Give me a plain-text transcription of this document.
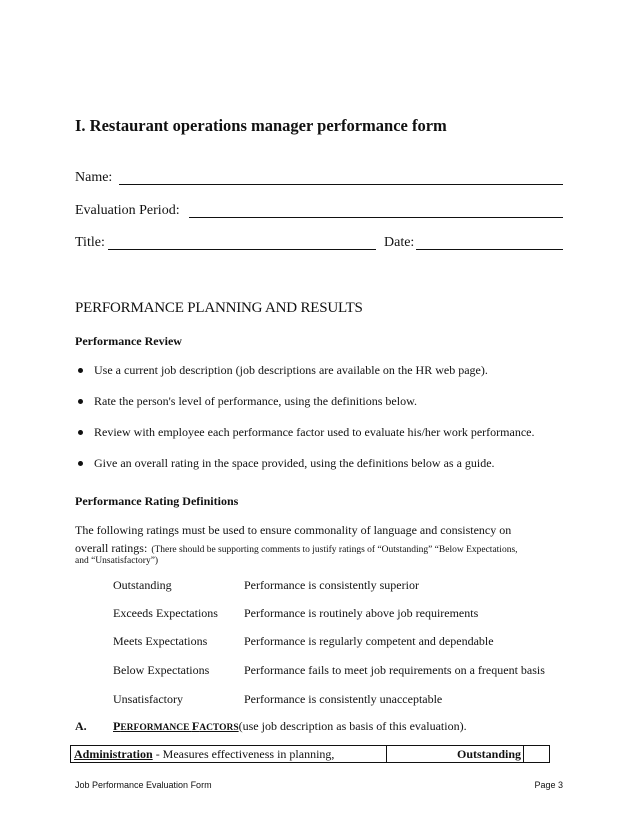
I. Restaurant operations manager performance form
Name:
Evaluation Period:
Title:	Date:
PERFORMANCE PLANNING AND RESULTS
Performance Review
Use a current job description (job descriptions are available on the HR web page).
Rate the person's level of performance, using the definitions below.
Review with employee each performance factor used to evaluate his/her work performance.
Give an overall rating in the space provided, using the definitions below as a guide.
Performance Rating Definitions
The following ratings must be used to ensure commonality of language and consistency on
overall ratings: (There should be supporting comments to justify ratings of “Outstanding” “Below Expectations,
and “Unsatisfactory”)
Outstanding	Performance is consistently superior
Exceeds Expectations Performance is routinely above job requirements
Meets Expectations	Performance is regularly competent and dependable
Below Expectations	Performance fails to meet job requirements on a frequent basis
Unsatisfactory	Performance is consistently unacceptable
A. PERFORMANCE FACTORS(use job description as basis of this evaluation).
Administration - Measures effectiveness in planning,	Outstanding
Job Performance Evaluation Form	Page 3
